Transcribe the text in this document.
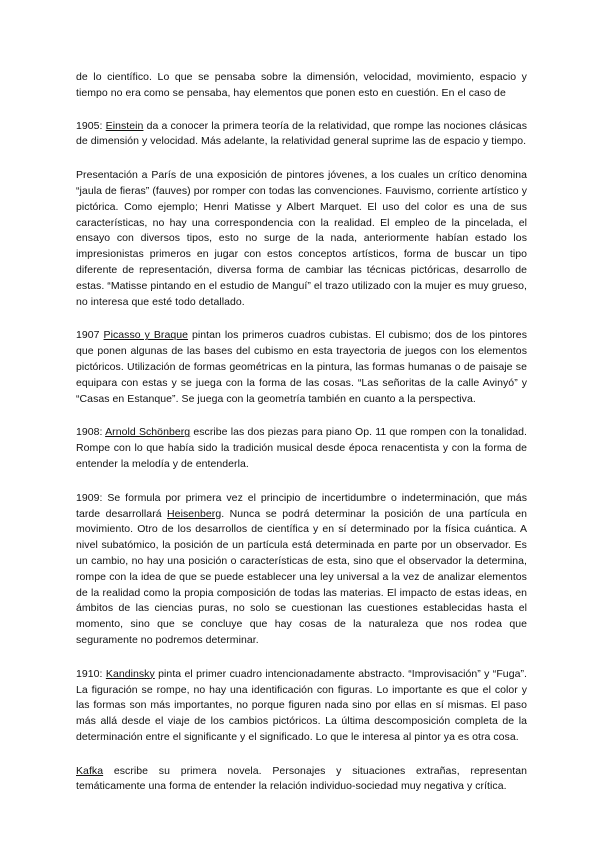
de lo científico. Lo que se pensaba sobre la dimensión, velocidad, movimiento, espacio y tiempo no era como se pensaba, hay elementos que ponen esto en cuestión. En el caso de

1905: Einstein da a conocer la primera teoría de la relatividad, que rompe las nociones clásicas de dimensión y velocidad. Más adelante, la relatividad general suprime las de espacio y tiempo.

Presentación a París de una exposición de pintores jóvenes, a los cuales un crítico denomina “jaula de fieras” (fauves) por romper con todas las convenciones. Fauvismo, corriente artístico y pictórica. Como ejemplo; Henri Matisse y Albert Marquet. El uso del color es una de sus características, no hay una correspondencia con la realidad. El empleo de la pincelada, el ensayo con diversos tipos, esto no surge de la nada, anteriormente habían estado los impresionistas primeros en jugar con estos conceptos artísticos, forma de buscar un tipo diferente de representación, diversa forma de cambiar las técnicas pictóricas, desarrollo de estas. “Matisse pintando en el estudio de Manguí” el trazo utilizado con la mujer es muy grueso, no interesa que esté todo detallado.

1907 Picasso y Braque pintan los primeros cuadros cubistas. El cubismo; dos de los pintores que ponen algunas de las bases del cubismo en esta trayectoria de juegos con los elementos pictóricos. Utilización de formas geométricas en la pintura, las formas humanas o de paisaje se equipara con estas y se juega con la forma de las cosas. “Las señoritas de la calle Avinyó” y “Casas en Estanque”. Se juega con la geometría también en cuanto a la perspectiva.

1908: Arnold Schönberg escribe las dos piezas para piano Op. 11 que rompen con la tonalidad. Rompe con lo que había sido la tradición musical desde época renacentista y con la forma de entender la melodía y de entenderla.

1909: Se formula por primera vez el principio de incertidumbre o indeterminación, que más tarde desarrollará Heisenberg. Nunca se podrá determinar la posición de una partícula en movimiento. Otro de los desarrollos de científica y en sí determinado por la física cuántica. A nivel subatómico, la posición de un partícula está determinada en parte por un observador. Es un cambio, no hay una posición o características de esta, sino que el observador la determina, rompe con la idea de que se puede establecer una ley universal a la vez de analizar elementos de la realidad como la propia composición de todas las materias. El impacto de estas ideas, en ámbitos de las ciencias puras, no solo se cuestionan las cuestiones establecidas hasta el momento, sino que se concluye que hay cosas de la naturaleza que nos rodea que seguramente no podremos determinar.

1910: Kandinsky pinta el primer cuadro intencionadamente abstracto. “Improvisación” y “Fuga”. La figuración se rompe, no hay una identificación con figuras. Lo importante es que el color y las formas son más importantes, no porque figuren nada sino por ellas en sí mismas. El paso más allá desde el viaje de los cambios pictóricos. La última descomposición completa de la determinación entre el significante y el significado. Lo que le interesa al pintor ya es otra cosa.

Kafka escribe su primera novela. Personajes y situaciones extrañas, representan temáticamente una forma de entender la relación individuo-sociedad muy negativa y crítica.
